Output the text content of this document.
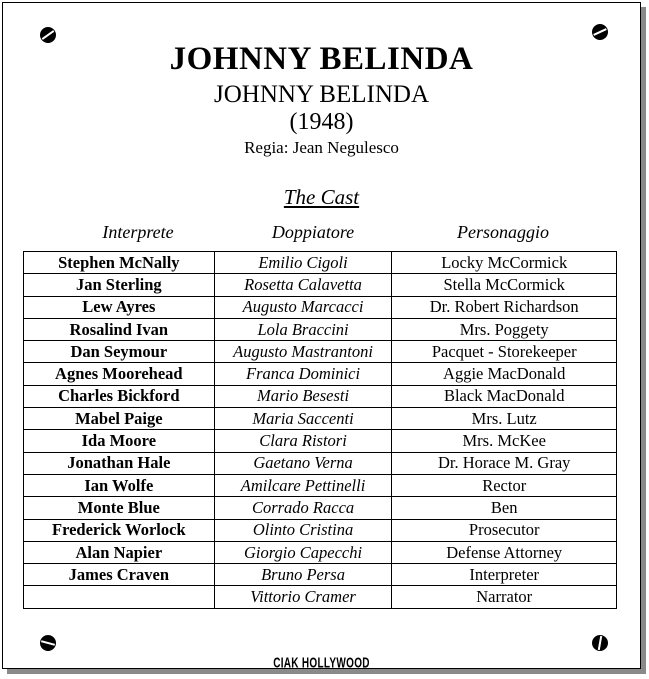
JOHNNY BELINDA
JOHNNY BELINDA
(1948)
Regia: Jean Negulesco
The Cast
Interprete	Doppiatore	Personaggio
Stephen McNally	Emilio Cigoli	Locky McCormick
Jan Sterling	Rosetta Calavetta	Stella McCormick
Lew Ayres	Augusto Marcacci	Dr. Robert Richardson
Rosalind Ivan	Lola Braccini	Mrs. Poggety
Dan Seymour	Augusto Mastrantoni	Pacquet - Storekeeper
Agnes Moorehead	Franca Dominici	Aggie MacDonald
Charles Bickford	Mario Besesti	Black MacDonald
Mabel Paige	Maria Saccenti	Mrs. Lutz
Ida Moore	Clara Ristori	Mrs. McKee
Jonathan Hale	Gaetano Verna	Dr. Horace M. Gray
Ian Wolfe	Amilcare Pettinelli	Rector
Monte Blue	Corrado Racca	Ben
Frederick Worlock	Olinto Cristina	Prosecutor
Alan Napier	Giorgio Capecchi	Defense Attorney
James Craven	Bruno Persa	Interpreter
	Vittorio Cramer	Narrator
CIAK HOLLYWOOD
